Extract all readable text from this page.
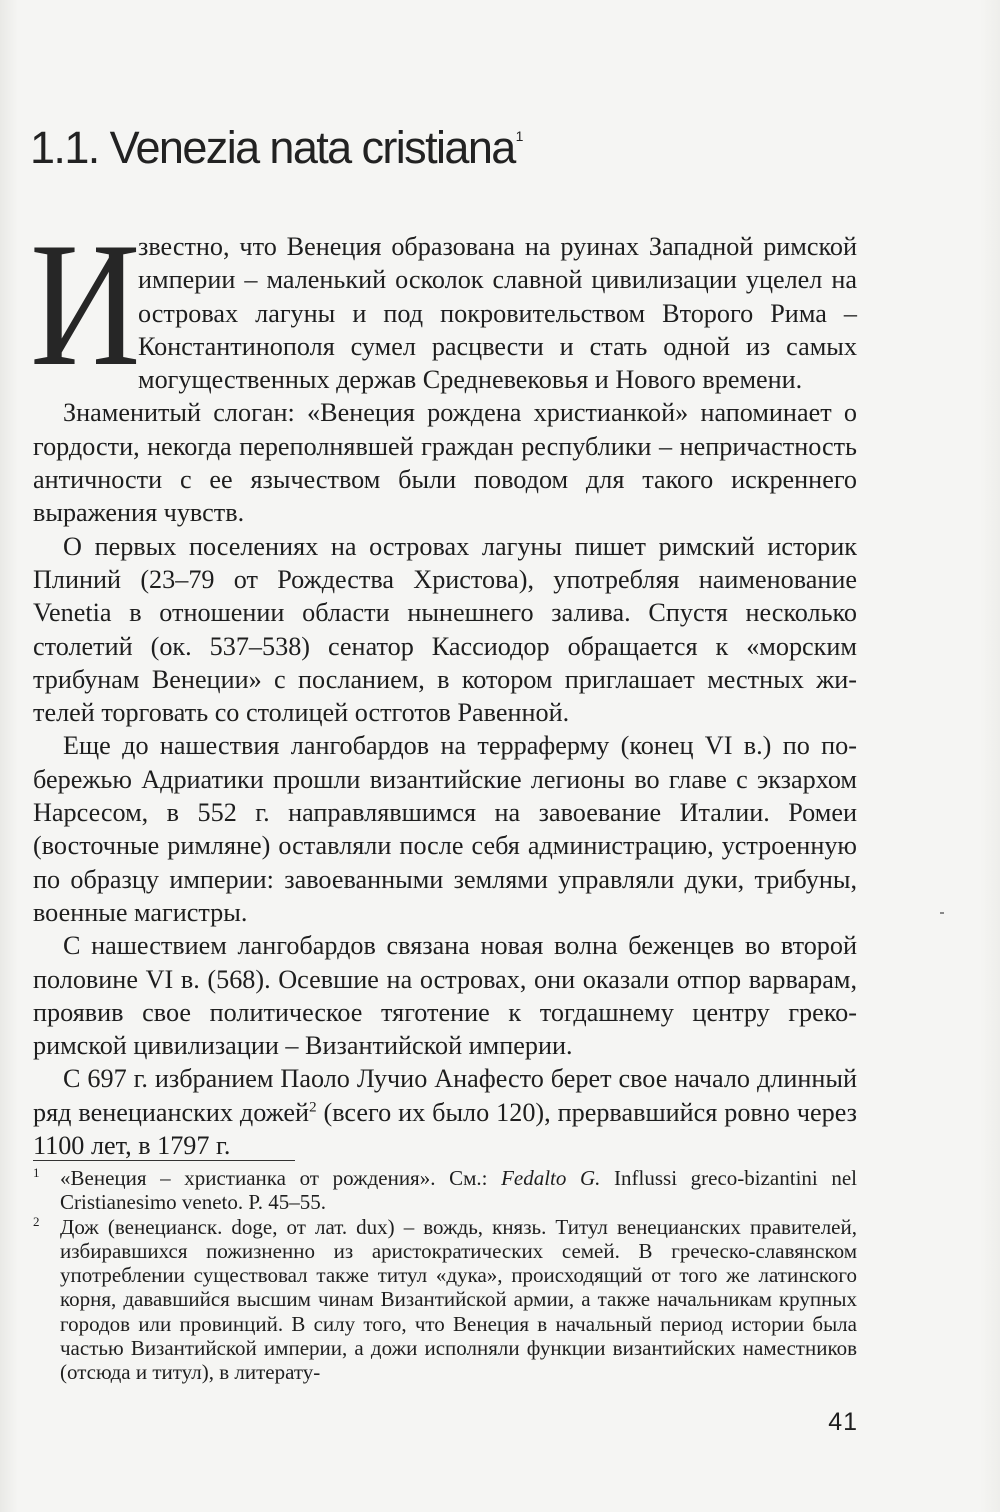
1.1. Venezia nata cristiana$^1$

И
звестно, что Венеция образована на руинах Западной римской империи – маленький осколок славной цивилизации уцелел на островах лагуны и под покровительством Второго Рима – Константинополя сумел расцвести и стать одной из самых могущественных держав Средневековья и Нового времени.

Знаменитый слоган: «Венеция рождена христианкой» напоминает о гордости, некогда переполнявшей граждан республики – непричастность античности с ее язычеством были поводом для такого искреннего выражения чувств.

О первых поселениях на островах лагуны пишет римский историк Плиний (23–79 от Рождества Христова), употребляя наименование Venetia в отношении области нынешнего залива. Спустя несколько столетий (ок. 537–538) сенатор Кассиодор обращается к «морским трибунам Венеции» с посланием, в котором приглашает местных жителей торговать со столицей остготов Равенной.

Еще до нашествия лангобардов на терраферму (конец VI в.) по побережью Адриатики прошли византийские легионы во главе с экзархом Нарсесом, в 552 г. направлявшимся на завоевание Италии. Ромеи (восточные римляне) оставляли после себя администрацию, устроенную по образцу империи: завоеванными землями управляли дуки, трибуны, военные магистры.

С нашествием лангобардов связана новая волна беженцев во второй половине VI в. (568). Осевшие на островах, они оказали отпор варварам, проявив свое политическое тяготение к тогдашнему центру греко-римской цивилизации – Византийской империи.

С 697 г. избранием Паоло Лучио Анафесто берет свое начало длинный ряд венецианских дожей$^2$ (всего их было 120), прервавшийся ровно через 1100 лет, в 1797 г.

1 «Венеция – христианка от рождения». См.: Fedalto G. Influssi greco-bizantini nel Cristianesimo veneto. P. 45–55.

2 Дож (венецианск. doge, от лат. dux) – вождь, князь. Титул венецианских правителей, избиравшихся пожизненно из аристократических семей. В греческо-славянском употреблении существовал также титул «дука», происходящий от того же латинского корня, дававшийся высшим чинам Византийской армии, а также начальникам крупных городов или провинций. В силу того, что Венеция в начальный период истории была частью Византийской империи, а дожи исполняли функции византийских наместников (отсюда и титул), в литерату-

41
